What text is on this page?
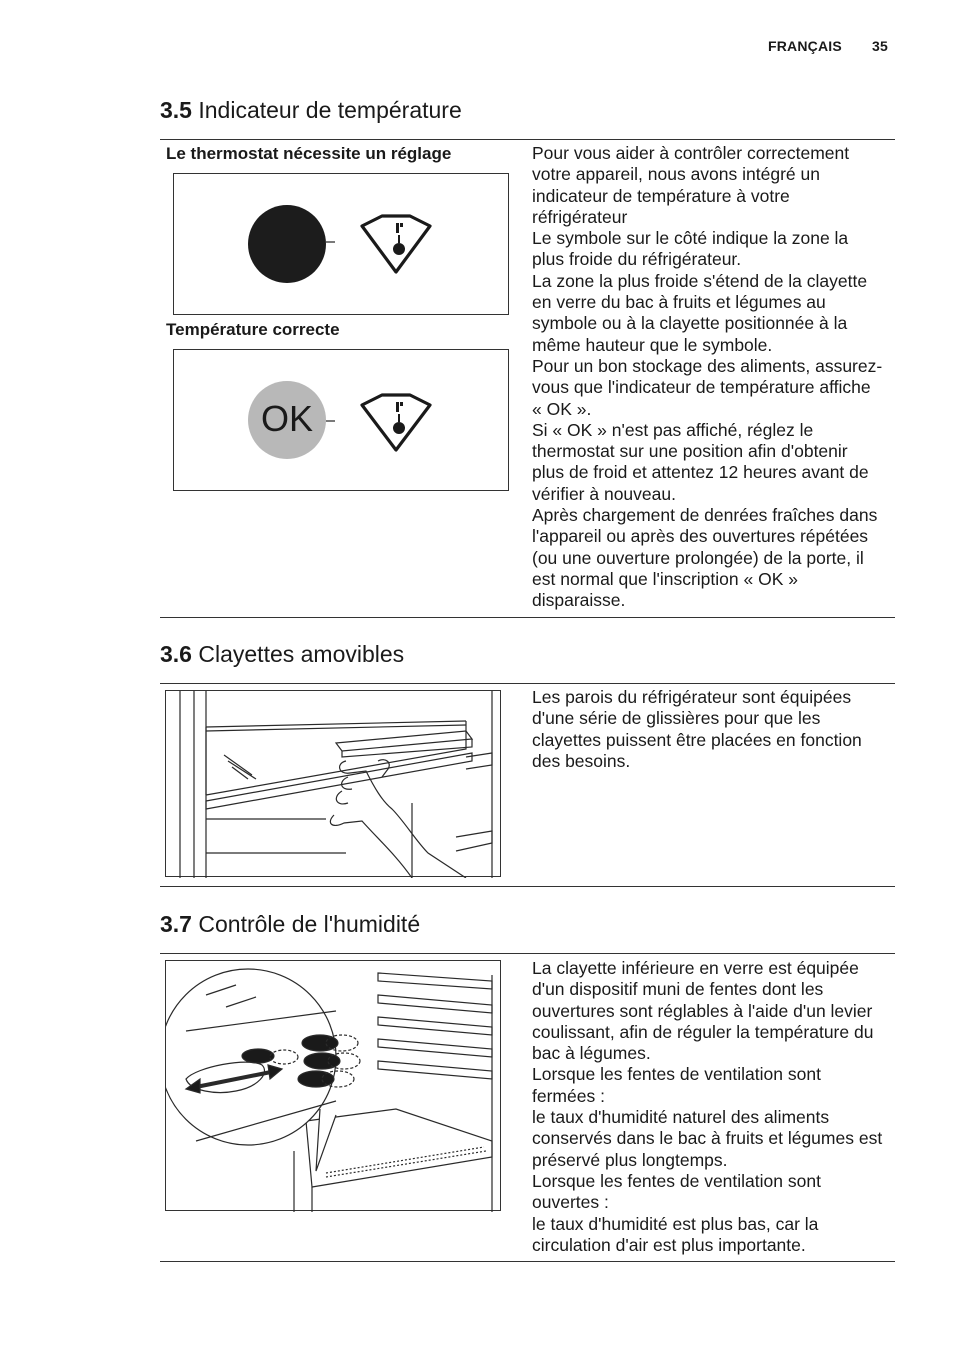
FRANÇAIS 35
3.5 Indicateur de température
Le thermostat nécessite un réglage
Température correcte
OK

Pour vous aider à contrôler correctement votre appareil, nous avons intégré un indicateur de température à votre réfrigérateur

Le symbole sur le côté indique la zone la plus froide du réfrigérateur.

La zone la plus froide s'étend de la clayette en verre du bac à fruits et légumes au symbole ou à la clayette positionnée à la même hauteur que le symbole.

Pour un bon stockage des aliments, assurez-vous que l'indicateur de température affiche « OK ».

Si « OK » n'est pas affiché, réglez le thermostat sur une position afin d'obtenir plus de froid et attentez 12 heures avant de vérifier à nouveau.

Après chargement de denrées fraîches dans l'appareil ou après des ouvertures répétées (ou une ouverture prolongée) de la porte, il est normal que l'inscription « OK » disparaisse.

3.6 Clayettes amovibles

Les parois du réfrigérateur sont équipées d'une série de glissières pour que les clayettes puissent être placées en fonction des besoins.

3.7 Contrôle de l'humidité

La clayette inférieure en verre est équipée d'un dispositif muni de fentes dont les ouvertures sont réglables à l'aide d'un levier coulissant, afin de réguler la température du bac à légumes.

Lorsque les fentes de ventilation sont fermées :

le taux d'humidité naturel des aliments conservés dans le bac à fruits et légumes est préservé plus longtemps.

Lorsque les fentes de ventilation sont ouvertes :

le taux d'humidité est plus bas, car la circulation d'air est plus importante.
